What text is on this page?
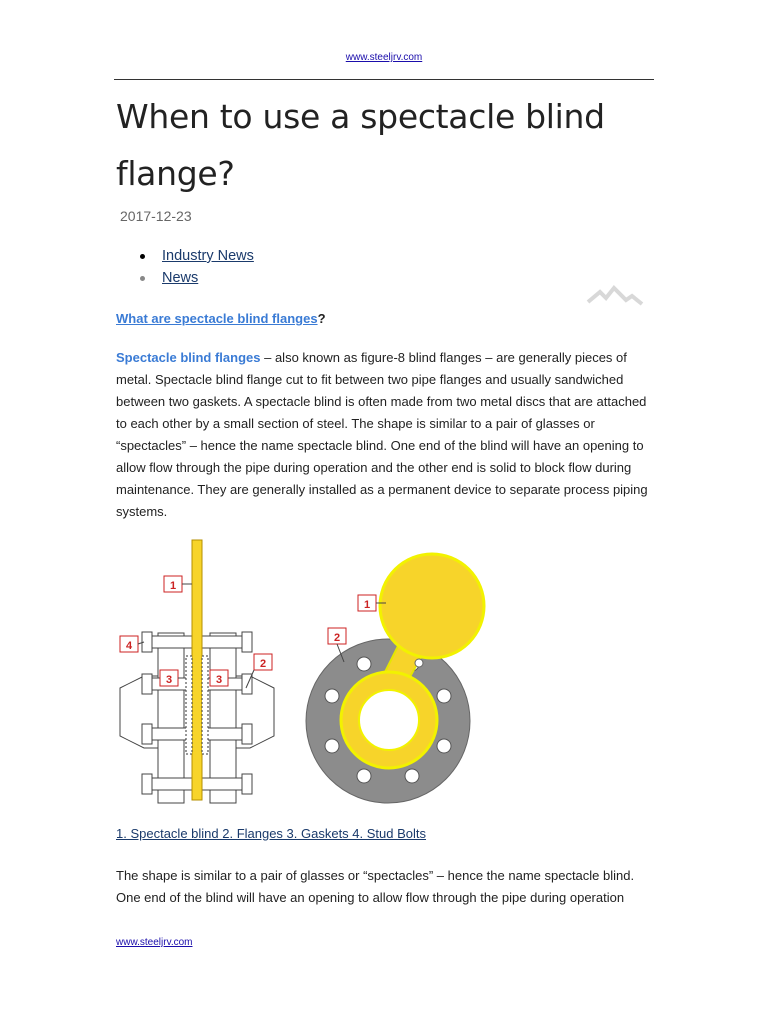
www.steeljrv.com
When to use a spectacle blind flange?
2017-12-23
Industry News
News
What are spectacle blind flanges?

Spectacle blind flanges – also known as figure-8 blind flanges – are generally pieces of metal. Spectacle blind flange cut to fit between two pipe flanges and usually sandwiched between two gaskets. A spectacle blind is often made from two metal discs that are attached to each other by a small section of steel. The shape is similar to a pair of glasses or “spectacles” – hence the name spectacle blind. One end of the blind will have an opening to allow flow through the pipe during operation and the other end is solid to block flow during maintenance. They are generally installed as a permanent device to separate process piping systems.

1
2
3	3
4
1
2
1. Spectacle blind 2. Flanges 3. Gaskets 4. Stud Bolts

The shape is similar to a pair of glasses or “spectacles” – hence the name spectacle blind. One end of the blind will have an opening to allow flow through the pipe during operation

www.steeljrv.com
